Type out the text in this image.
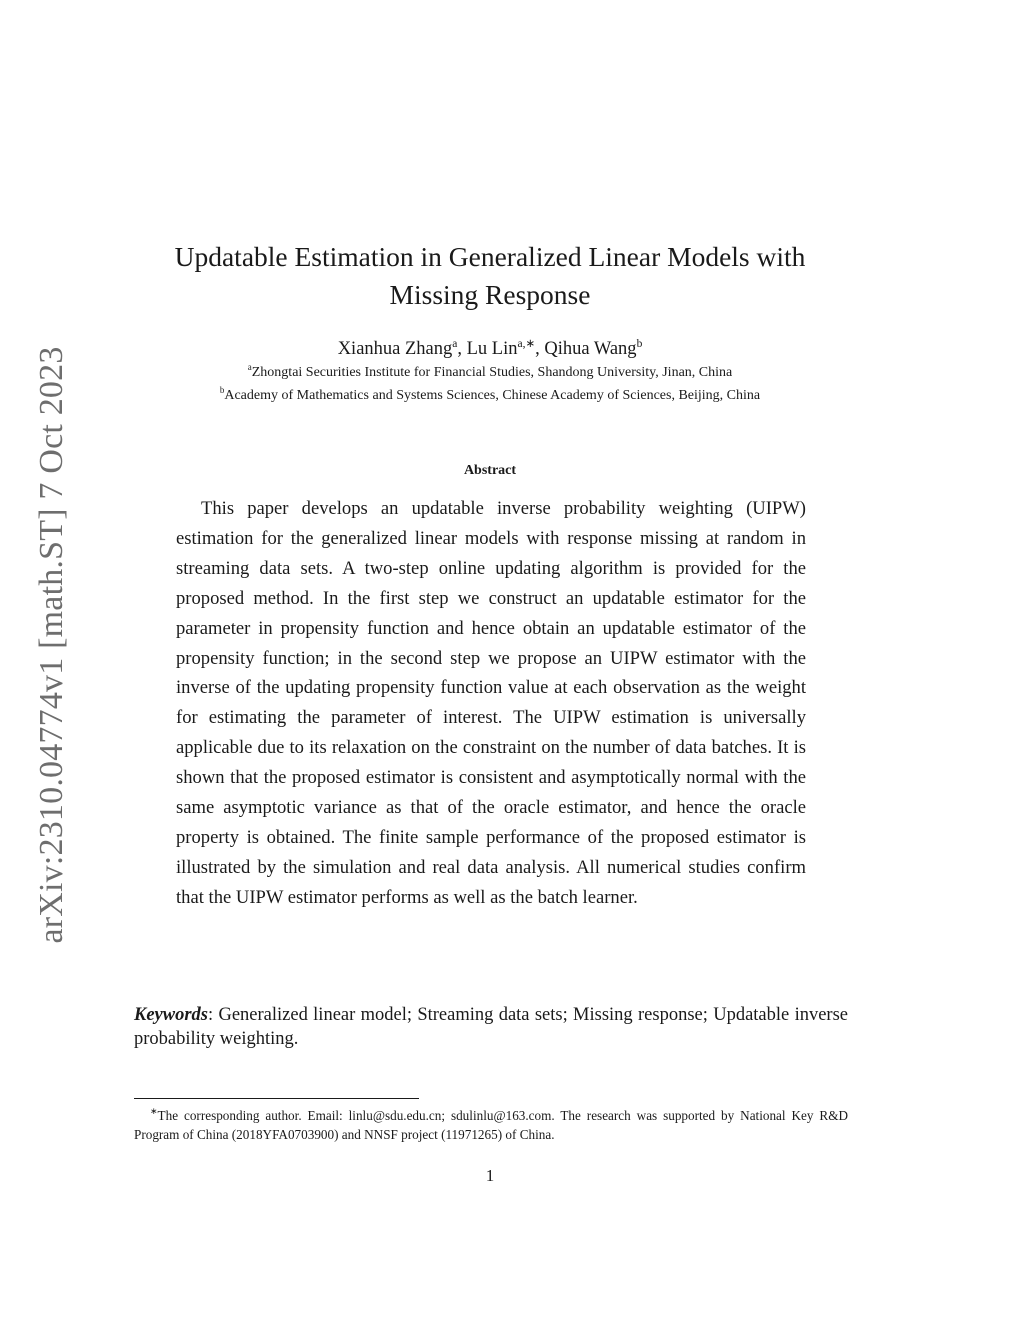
arXiv:2310.04774v1 [math.ST] 7 Oct 2023
Updatable Estimation in Generalized Linear Models with
Missing Response
Xianhua Zhang$^a$, Lu Lin$^{a,∗}$, Qihua Wang$^b$
$^a$Zhongtai Securities Institute for Financial Studies, Shandong University, Jinan, China
$^b$Academy of Mathematics and Systems Sciences, Chinese Academy of Sciences, Beijing, China
Abstract

This paper develops an updatable inverse probability weighting (UIPW) estimation for the generalized linear models with response missing at random in streaming data sets. A two-step online updating algorithm is provided for the proposed method. In the first step we construct an updatable estimator for the parameter in propensity function and hence obtain an updatable estimator of the propensity function; in the second step we propose an UIPW estimator with the inverse of the updating propensity function value at each observation as the weight for estimating the parameter of interest. The UIPW estimation is universally applicable due to its relaxation on the constraint on the number of data batches. It is shown that the proposed estimator is consistent and asymptotically normal with the same asymptotic variance as that of the oracle estimator, and hence the oracle property is obtained. The finite sample performance of the proposed estimator is illustrated by the simulation and real data analysis. All numerical studies confirm that the UIPW estimator performs as well as the batch learner.

Keywords: Generalized linear model; Streaming data sets; Missing response; Updatable inverse probability weighting.

∗The corresponding author. Email: linlu@sdu.edu.cn; sdulinlu@163.com. The research was supported by National Key R&D Program of China (2018YFA0703900) and NNSF project (11971265) of China.

1
